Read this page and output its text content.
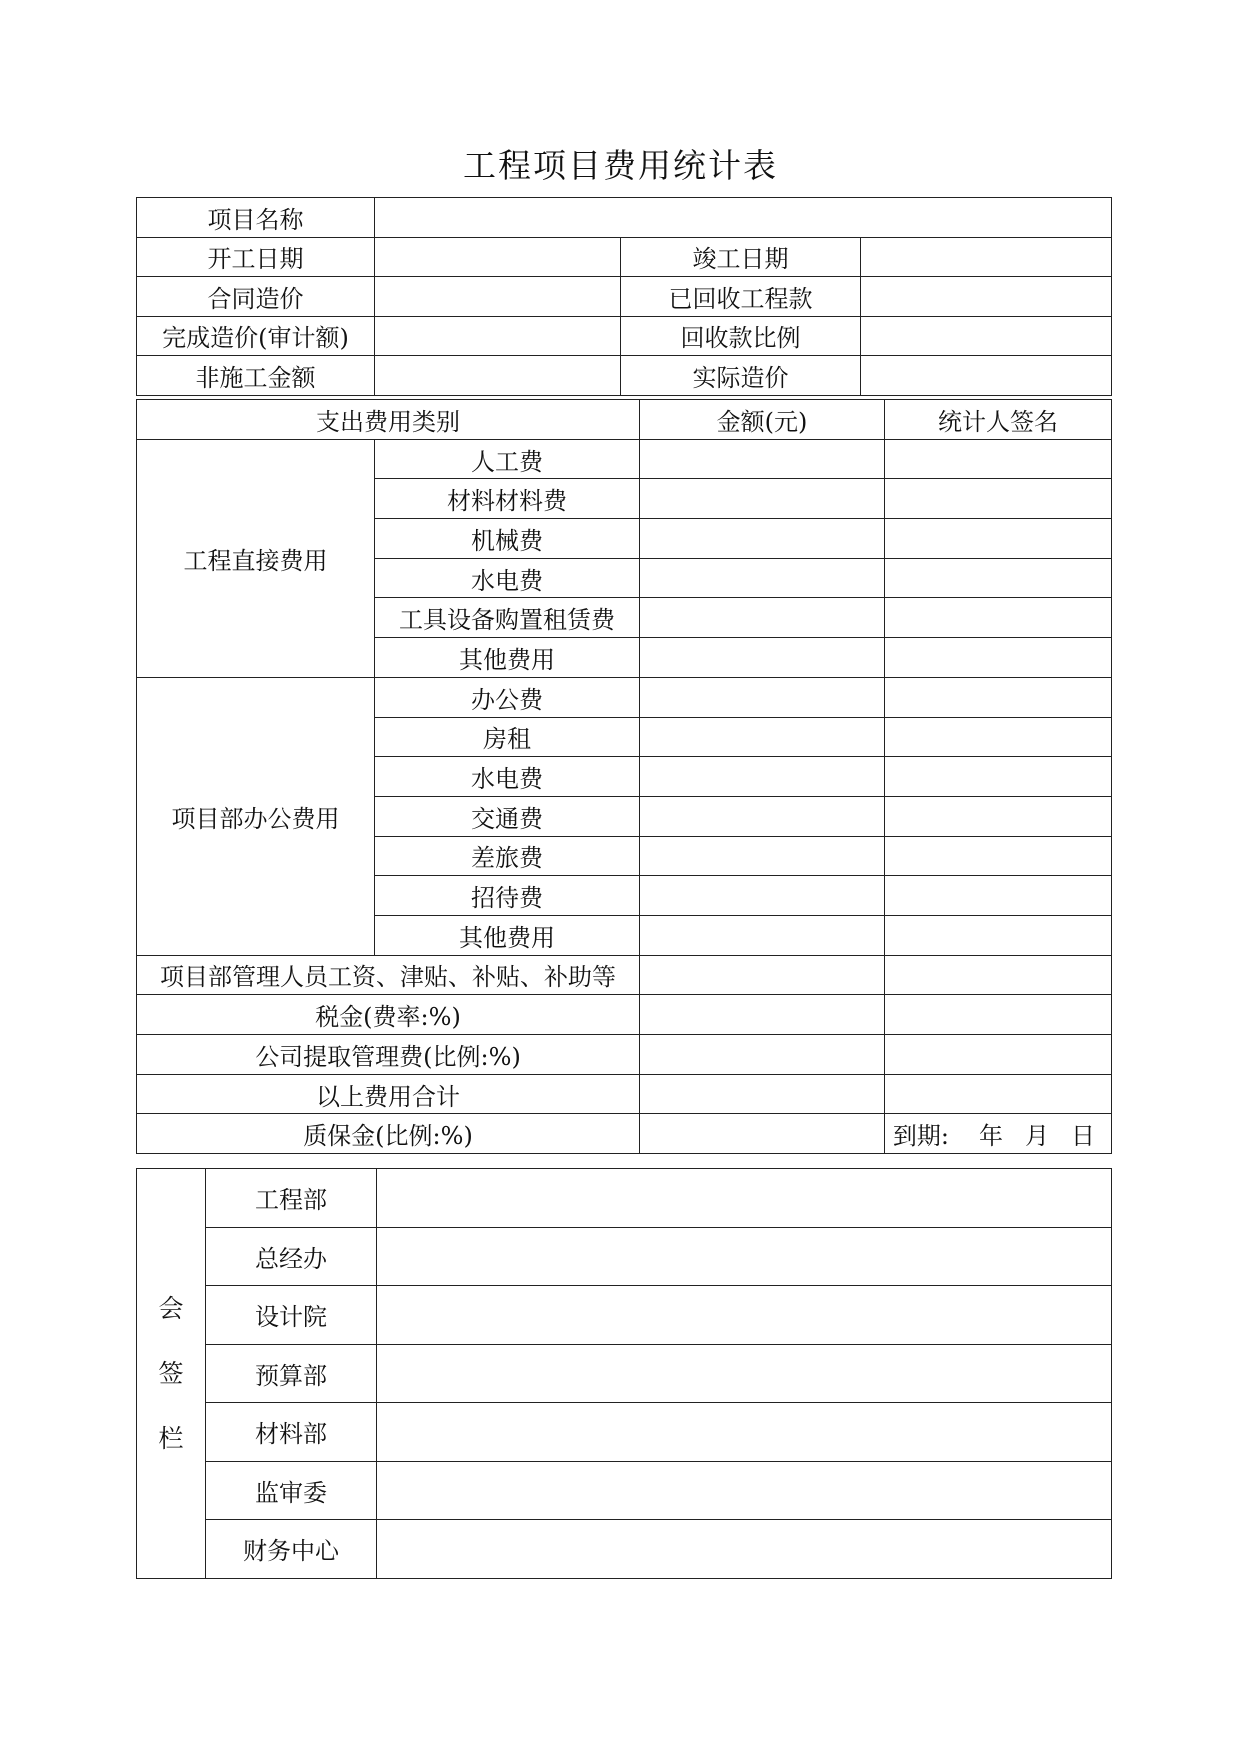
工程项目费用统计表
项目名称			
开工日期		竣工日期	
合同造价		已回收工程款	
完成造价(审计额)		回收款比例	
非施工金额		实际造价	
支出费用类别		金额(元)	统计人签名
工程直接费用	人工费		
	材料材料费		
	机械费		
	水电费		
	工具设备购置租赁费		
	其他费用		
项目部办公费用	办公费		
	房租		
	水电费		
	交通费		
	差旅费		
	招待费		
	其他费用		
项目部管理人员工资、津贴、补贴、补助等			
税金(费率:%)			
公司提取管理费(比例:%)			
以上费用合计			
质保金(比例:%)			到期: 年 月 日
会
签
栏	工程部	
	总经办	
	设计院	
	预算部	
	材料部	
	监审委	
	财务中心	
